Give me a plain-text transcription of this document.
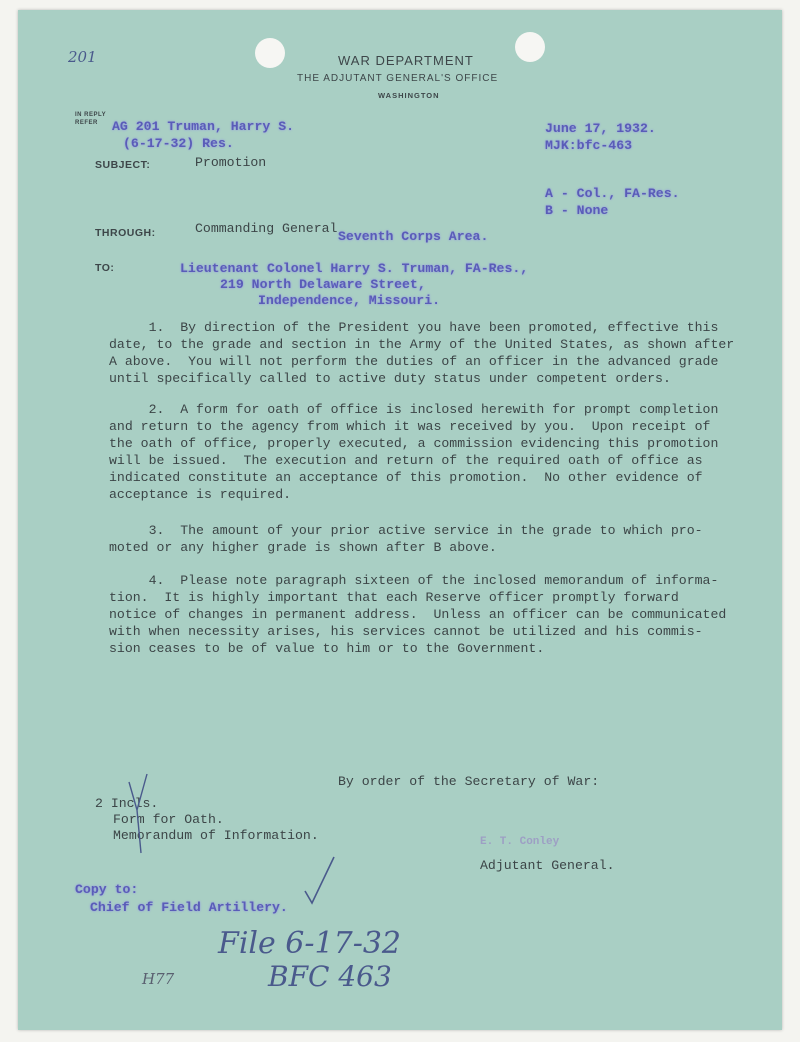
201	WAR DEPARTMENT
THE ADJUTANT GENERAL'S OFFICE
WASHINGTON
IN REPLY
REFER AG 201 Truman, Harry S.
(6-17-32) Res.
June 17, 1932.
MJK:bfc-463
SUBJECT:	Promotion
A - Col., FA-Res.
B - None
THROUGH:	Commanding General
Seventh Corps Area.
TO:	Lieutenant Colonel Harry S. Truman, FA-Res.,
219 North Delaware Street,
Independence, Missouri.
1.  By direction of the President you have been promoted, effective this
date, to the grade and section in the Army of the United States, as shown after
A above.  You will not perform the duties of an officer in the advanced grade
until specifically called to active duty status under competent orders.
2.  A form for oath of office is inclosed herewith for prompt completion
and return to the agency from which it was received by you.  Upon receipt of
the oath of office, properly executed, a commission evidencing this promotion
will be issued.  The execution and return of the required oath of office as
indicated constitute an acceptance of this promotion.  No other evidence of
acceptance is required.
3.  The amount of your prior active service in the grade to which pro-
moted or any higher grade is shown after B above.
4.  Please note paragraph sixteen of the inclosed memorandum of informa-
tion.  It is highly important that each Reserve officer promptly forward
notice of changes in permanent address.  Unless an officer can be communicated
with when necessity arises, his services cannot be utilized and his commis-
sion ceases to be of value to him or to the Government.
By order of the Secretary of War:
E. T. Conley
Adjutant General.
2 Incls.
Form for Oath.
Memorandum of Information.
Copy to:
Chief of Field Artillery.
File 6-17-32
BFC 463
H77
